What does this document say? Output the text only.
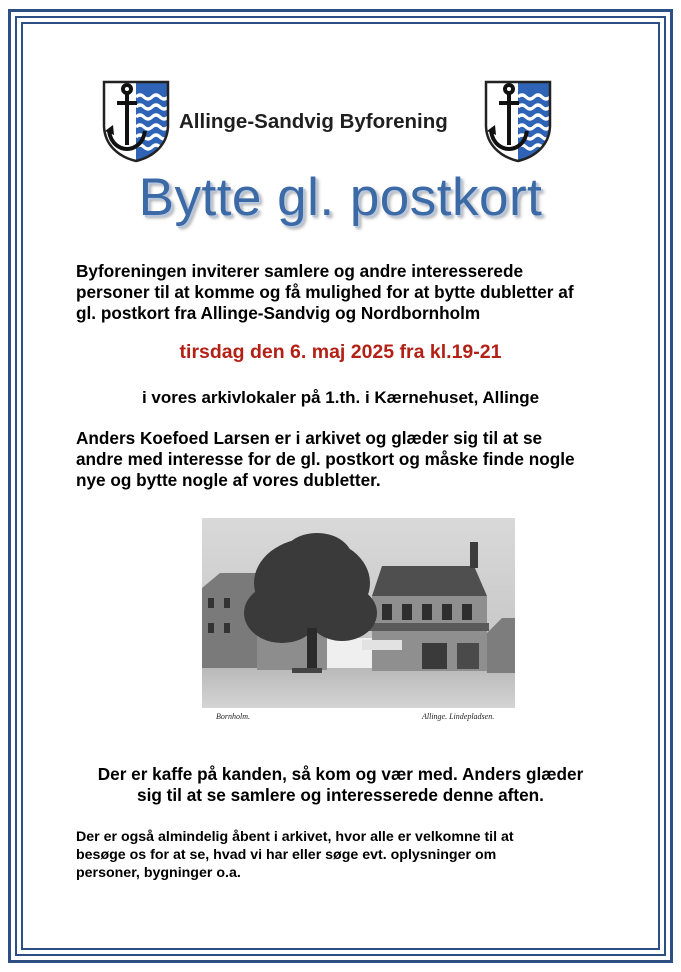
Allinge-Sandvig Byforening
Bytte gl. postkort
Byforeningen inviterer samlere og andre interesserede
personer til at komme og få mulighed for at bytte dubletter af
gl. postkort fra Allinge-Sandvig og Nordbornholm
tirsdag den 6. maj 2025 fra kl.19-21
i vores arkivlokaler på 1.th. i Kærnehuset, Allinge
Anders Koefoed Larsen er i arkivet og glæder sig til at se
andre med interesse for de gl. postkort og måske finde nogle
nye og bytte nogle af vores dubletter.
Bornholm.	Allinge. Lindepladsen.
Der er kaffe på kanden, så kom og vær med. Anders glæder
sig til at se samlere og interesserede denne aften.
Der er også almindelig åbent i arkivet, hvor alle er velkomne til at
besøge os for at se, hvad vi har eller søge evt. oplysninger om
personer, bygninger o.a.
